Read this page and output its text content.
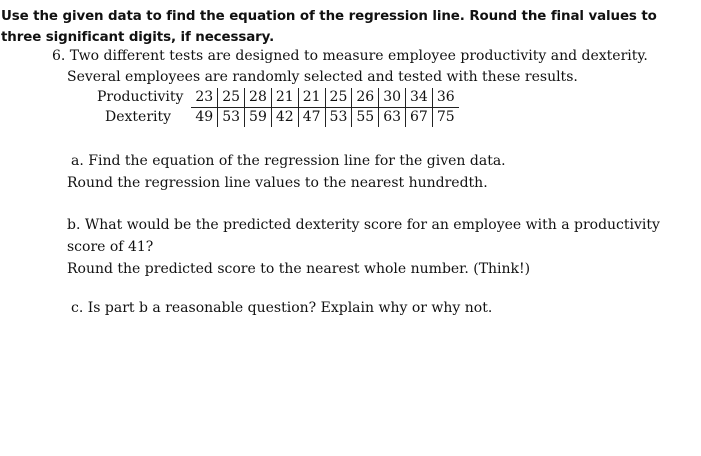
Use the given data to find the equation of the regression line. Round the final values to three significant digits, if necessary.
6. Two different tests are designed to measure employee productivity and dexterity.
Several employees are randomly selected and tested with these results.
Productivity	23	25	28	21	21	25	26	30	34	36
Dexterity	49	53	59	42	47	53	55	63	67	75
a. Find the equation of the regression line for the given data.
Round the regression line values to the nearest hundredth.
b. What would be the predicted dexterity score for an employee with a productivity
score of 41?
Round the predicted score to the nearest whole number. (Think!)
c. Is part b a reasonable question? Explain why or why not.
